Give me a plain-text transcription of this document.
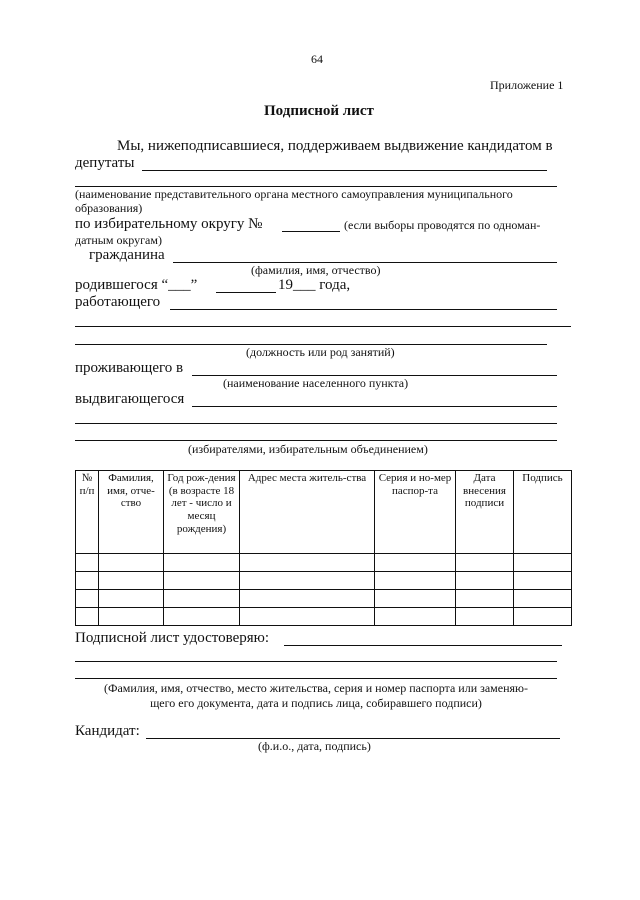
64
Приложение 1
Подписной лист
Мы, нижеподписавшиеся, поддерживаем выдвижение кандидатом в
депутаты
(наименование представительного органа местного самоуправления муниципального
образования)
по избирательному округу №	(если выборы проводятся по одноман-
датным округам)
гражданина
(фамилия, имя, отчество)
родившегося “___”	19___ года,
работающего
(должность или род занятий)
проживающего в
(наименование населенного пункта)
выдвигающегося
(избирателями, избирательным объединением)
№ п/п	Фамилия, имя, отче-ство	Год рож-дения (в возрасте 18 лет - число и месяц рождения)	Адрес места житель-ства	Серия и но-мер паспор-та	Дата внесения подписи	Подпись

Подписной лист удостоверяю:
(Фамилия, имя, отчество, место жительства, серия и номер паспорта или заменяю-
щего его документа, дата и подпись лица, собиравшего подписи)
Кандидат:
(ф.и.о., дата, подпись)
